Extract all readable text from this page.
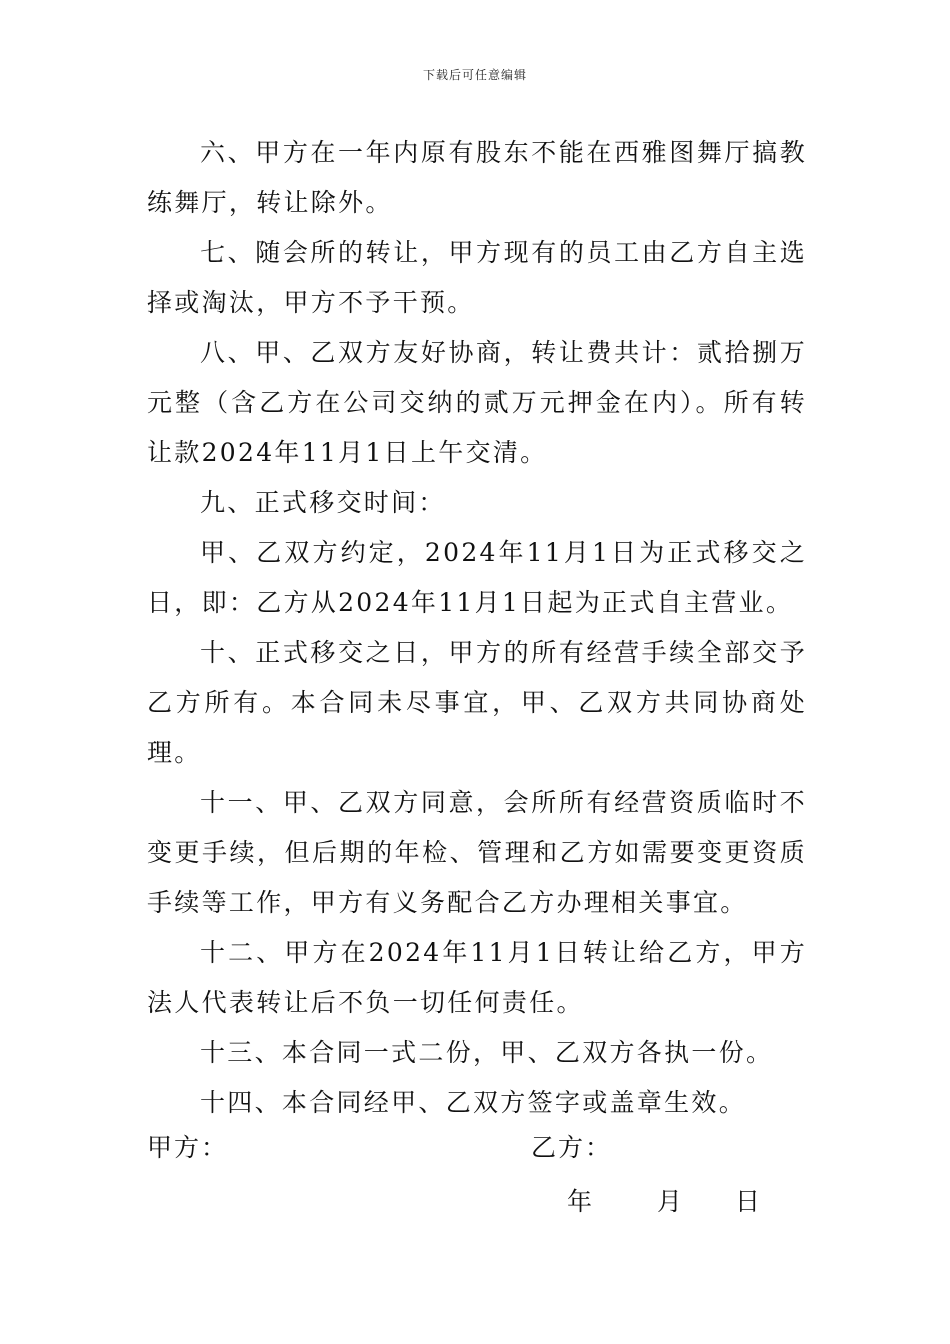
下载后可任意编辑

六、甲方在一年内原有股东不能在西雅图舞厅搞教练舞厅，转让除外。

七、随会所的转让，甲方现有的员工由乙方自主选择或淘汰，甲方不予干预。

八、甲、乙双方友好协商，转让费共计：贰拾捌万元整（含乙方在公司交纳的贰万元押金在内）。所有转让款2024年11月1日上午交清。

九、正式移交时间：

甲、乙双方约定，2024年11月1日为正式移交之日，即：乙方从2024年11月1日起为正式自主营业。

十、正式移交之日，甲方的所有经营手续全部交予乙方所有。本合同未尽事宜，甲、乙双方共同协商处理。

十一、甲、乙双方同意，会所所有经营资质临时不变更手续，但后期的年检、管理和乙方如需要变更资质手续等工作，甲方有义务配合乙方办理相关事宜。

十二、甲方在2024年11月1日转让给乙方，甲方法人代表转让后不负一切任何责任。

十三、本合同一式二份，甲、乙双方各执一份。

十四、本合同经甲、乙双方签字或盖章生效。

甲方：	乙方：
年	月 日
